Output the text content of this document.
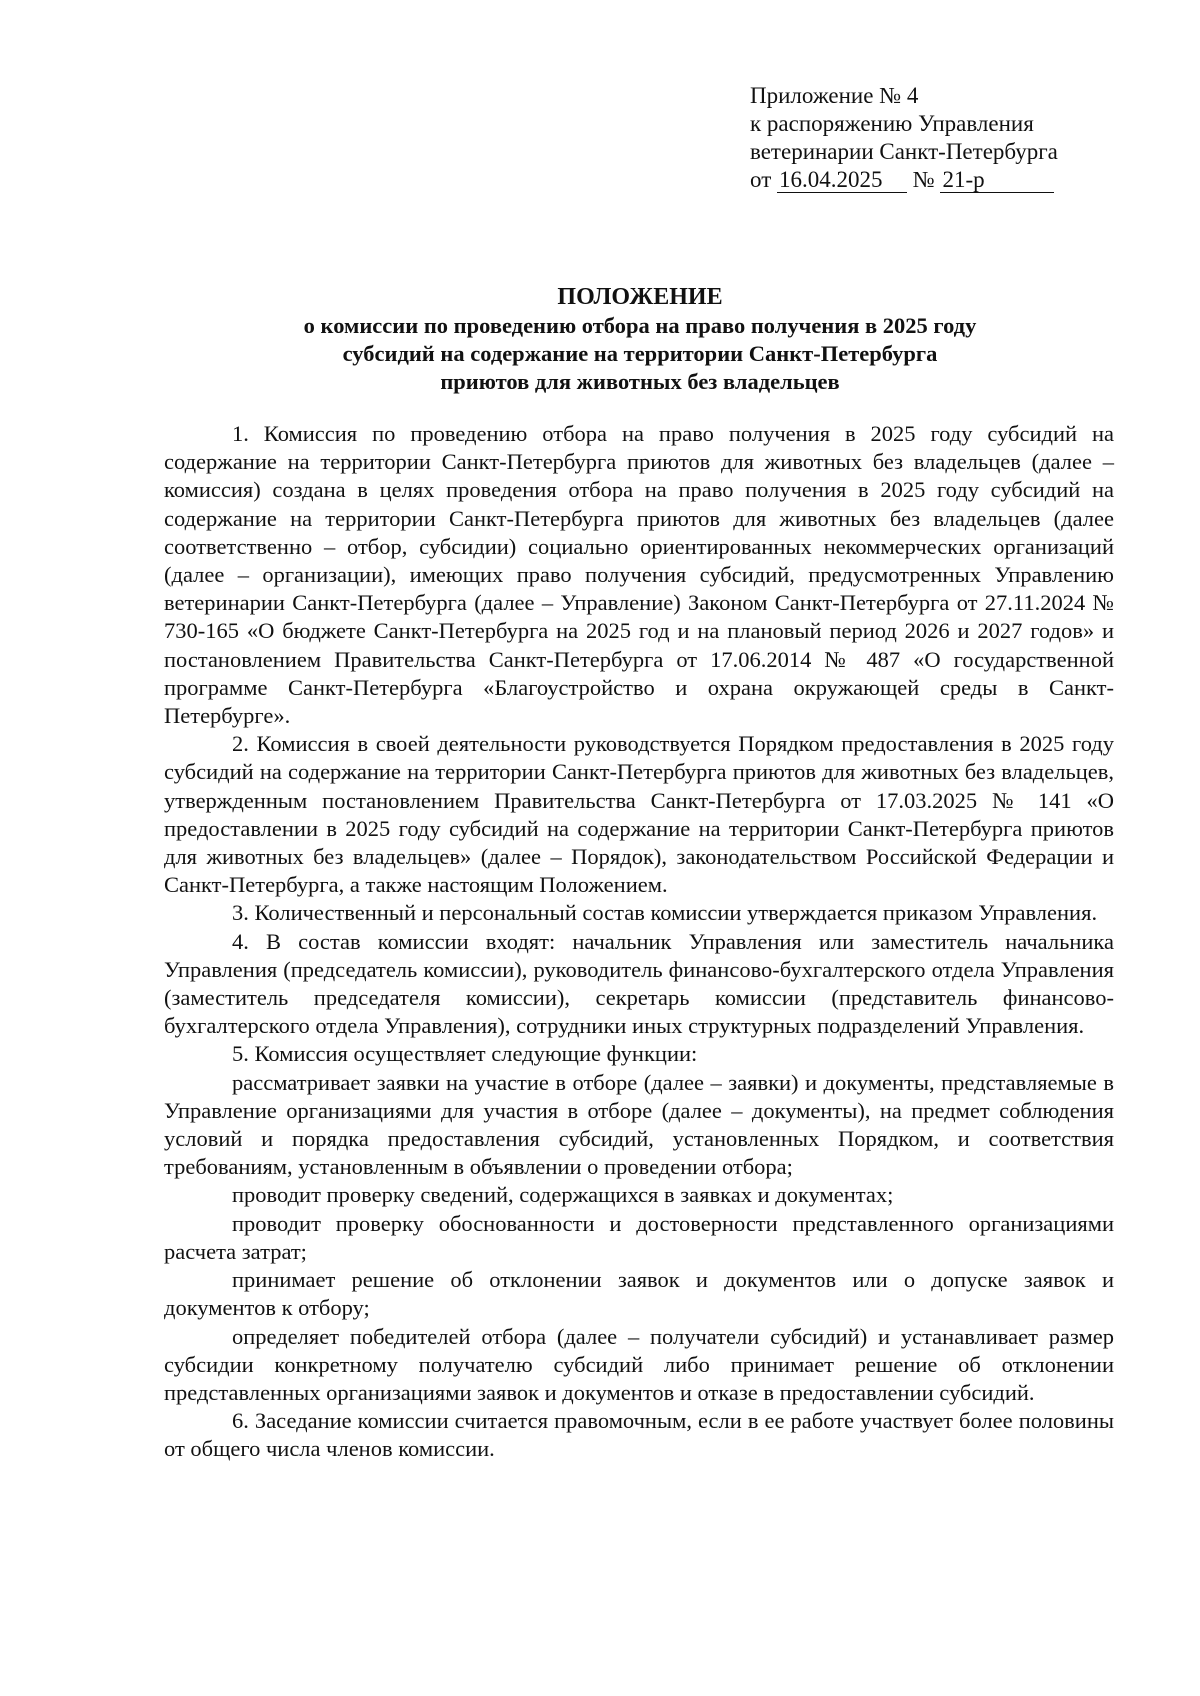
Приложение № 4
к распоряжению Управления
ветеринарии Санкт-Петербурга
от 16.04.2025 № 21-р
ПОЛОЖЕНИЕ
о комиссии по проведению отбора на право получения в 2025 году
субсидий на содержание на территории Санкт-Петербурга
приютов для животных без владельцев

1. Комиссия по проведению отбора на право получения в 2025 году субсидий на содержание на территории Санкт-Петербурга приютов для животных без владельцев (далее – комиссия) создана в целях проведения отбора на право получения в 2025 году субсидий на содержание на территории Санкт-Петербурга приютов для животных без владельцев (далее соответственно – отбор, субсидии) социально ориентированных некоммерческих организаций (далее – организации), имеющих право получения субсидий, предусмотренных Управлению ветеринарии Санкт-Петербурга (далее – Управление) Законом Санкт-Петербурга от 27.11.2024 № 730-165 «О бюджете Санкт-Петербурга на 2025 год и на плановый период 2026 и 2027 годов» и постановлением Правительства Санкт-Петербурга от 17.06.2014 № 487 «О государственной программе Санкт-Петербурга «Благоустройство и охрана окружающей среды в Санкт-Петербурге».

2. Комиссия в своей деятельности руководствуется Порядком предоставления в 2025 году субсидий на содержание на территории Санкт-Петербурга приютов для животных без владельцев, утвержденным постановлением Правительства Санкт-Петербурга от 17.03.2025 № 141 «О предоставлении в 2025 году субсидий на содержание на территории Санкт-Петербурга приютов для животных без владельцев» (далее – Порядок), законодательством Российской Федерации и Санкт-Петербурга, а также настоящим Положением.

3. Количественный и персональный состав комиссии утверждается приказом Управления.

4. В состав комиссии входят: начальник Управления или заместитель начальника Управления (председатель комиссии), руководитель финансово-бухгалтерского отдела Управления (заместитель председателя комиссии), секретарь комиссии (представитель финансово-бухгалтерского отдела Управления), сотрудники иных структурных подразделений Управления.

5. Комиссия осуществляет следующие функции:

рассматривает заявки на участие в отборе (далее – заявки) и документы, представляемые в Управление организациями для участия в отборе (далее – документы), на предмет соблюдения условий и порядка предоставления субсидий, установленных Порядком, и соответствия требованиям, установленным в объявлении о проведении отбора;

проводит проверку сведений, содержащихся в заявках и документах;

проводит проверку обоснованности и достоверности представленного организациями расчета затрат;

принимает решение об отклонении заявок и документов или о допуске заявок и документов к отбору;

определяет победителей отбора (далее – получатели субсидий) и устанавливает размер субсидии конкретному получателю субсидий либо принимает решение об отклонении представленных организациями заявок и документов и отказе в предоставлении субсидий.

6. Заседание комиссии считается правомочным, если в ее работе участвует более половины от общего числа членов комиссии.
